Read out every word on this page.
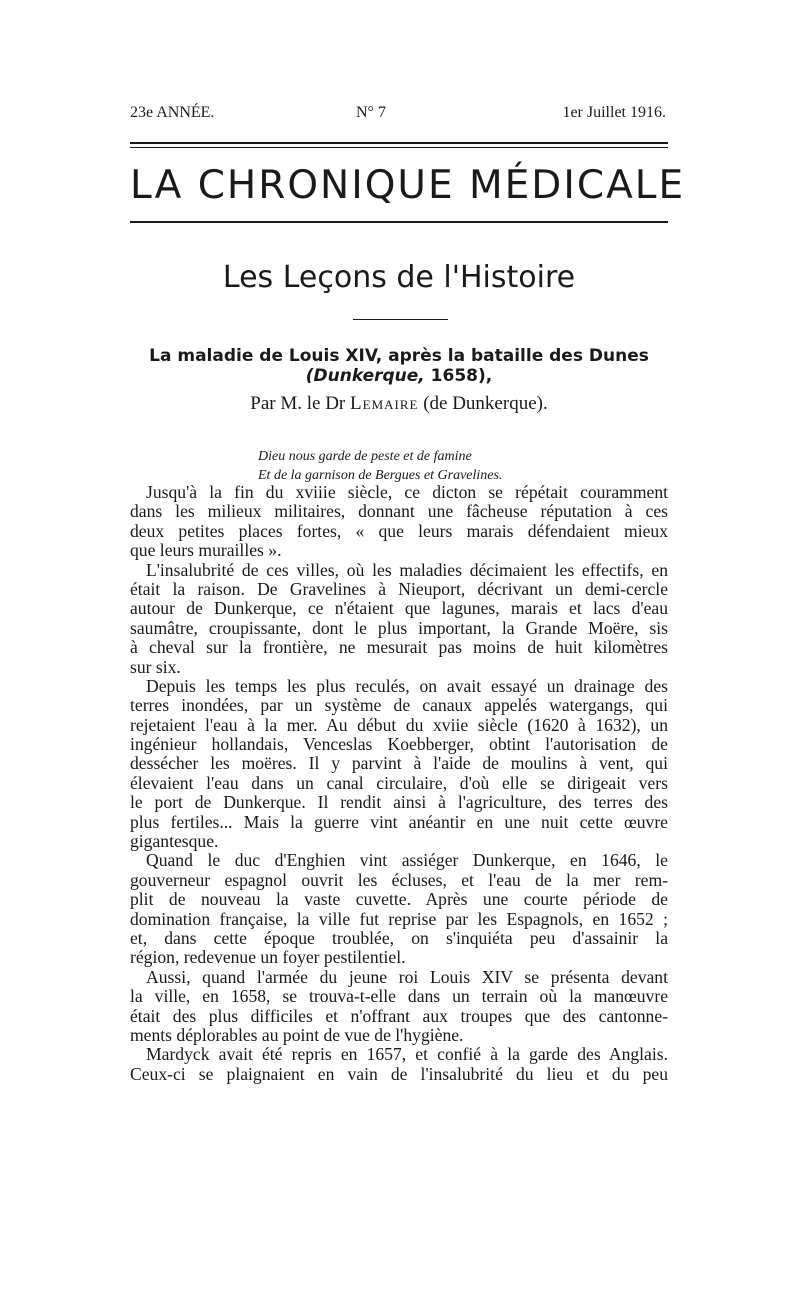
23e ANNÉE.	N° 7	1er Juillet 1916.
LA CHRONIQUE MÉDICALE
Les Leçons de l'Histoire
La maladie de Louis XIV, après la bataille des Dunes
(Dunkerque, 1658),
Par M. le Dr Lemaire (de Dunkerque).
Dieu nous garde de peste et de famine
Et de la garnison de Bergues et Gravelines.
Jusqu'à la fin du xviiie siècle, ce dicton se répétait couramment
dans les milieux militaires, donnant une fâcheuse réputation à ces
deux petites places fortes, « que leurs marais défendaient mieux
que leurs murailles ».
L'insalubrité de ces villes, où les maladies décimaient les effectifs, en
était la raison. De Gravelines à Nieuport, décrivant un demi-cercle
autour de Dunkerque, ce n'étaient que lagunes, marais et lacs d'eau
saumâtre, croupissante, dont le plus important, la Grande Moëre, sis
à cheval sur la frontière, ne mesurait pas moins de huit kilomètres
sur six.
Depuis les temps les plus reculés, on avait essayé un drainage des
terres inondées, par un système de canaux appelés watergangs, qui
rejetaient l'eau à la mer. Au début du xviie siècle (1620 à 1632), un
ingénieur hollandais, Venceslas Koebberger, obtint l'autorisation de
dessécher les moëres. Il y parvint à l'aide de moulins à vent, qui
élevaient l'eau dans un canal circulaire, d'où elle se dirigeait vers
le port de Dunkerque. Il rendit ainsi à l'agriculture, des terres des
plus fertiles... Mais la guerre vint anéantir en une nuit cette œuvre
gigantesque.
Quand le duc d'Enghien vint assiéger Dunkerque, en 1646, le
gouverneur espagnol ouvrit les écluses, et l'eau de la mer rem-
plit de nouveau la vaste cuvette. Après une courte période de
domination française, la ville fut reprise par les Espagnols, en 1652 ;
et, dans cette époque troublée, on s'inquiéta peu d'assainir la
région, redevenue un foyer pestilentiel.
Aussi, quand l'armée du jeune roi Louis XIV se présenta devant
la ville, en 1658, se trouva-t-elle dans un terrain où la manœuvre
était des plus difficiles et n'offrant aux troupes que des cantonne-
ments déplorables au point de vue de l'hygiène.
Mardyck avait été repris en 1657, et confié à la garde des Anglais.
Ceux-ci se plaignaient en vain de l'insalubrité du lieu et du peu
